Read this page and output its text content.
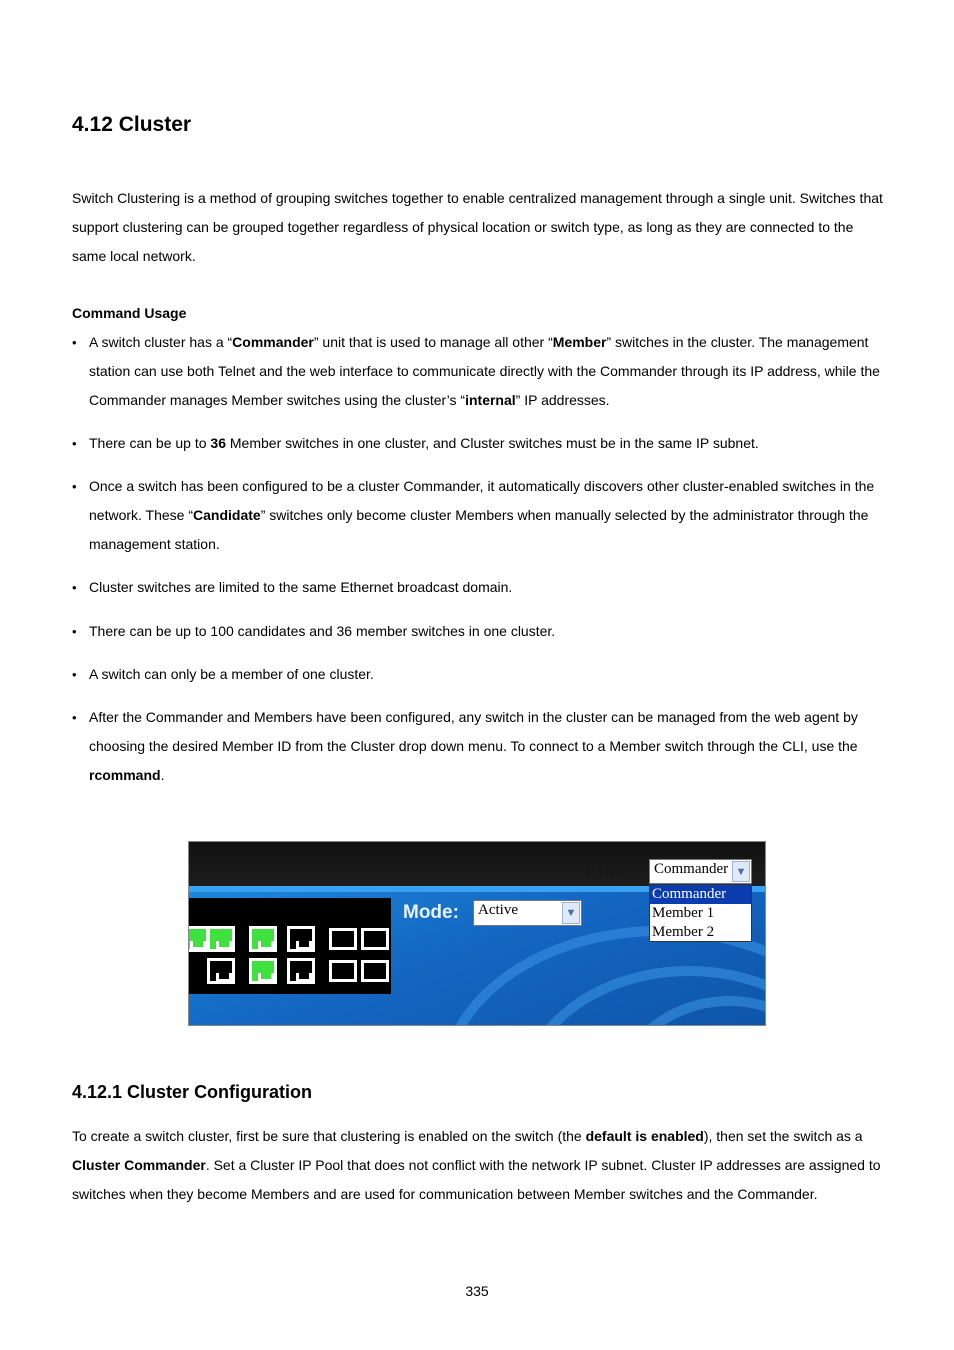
4.12 Cluster

Switch Clustering is a method of grouping switches together to enable centralized management through a single unit. Switches that support clustering can be grouped together regardless of physical location or switch type, as long as they are connected to the same local network.

Command Usage

• A switch cluster has a “Commander” unit that is used to manage all other “Member” switches in the cluster. The management station can use both Telnet and the web interface to communicate directly with the Commander through its IP address, while the Commander manages Member switches using the cluster’s “internal” IP addresses.
• There can be up to 36 Member switches in one cluster, and Cluster switches must be in the same IP subnet.
• Once a switch has been configured to be a cluster Commander, it automatically discovers other cluster-enabled switches in the network. These “Candidate” switches only become cluster Members when manually selected by the administrator through the management station.
• Cluster switches are limited to the same Ethernet broadcast domain.
• There can be up to 100 candidates and 36 member switches in one cluster.
• A switch can only be a member of one cluster.
• After the Commander and Members have been configured, any switch in the cluster can be managed from the web agent by choosing the desired Member ID from the Cluster drop down menu. To connect to a Member switch through the CLI, use the rcommand.
4.12.1 Cluster Configuration

To create a switch cluster, first be sure that clustering is enabled on the switch (the default is enabled), then set the switch as a Cluster Commander. Set a Cluster IP Pool that does not conflict with the network IP subnet. Cluster IP addresses are assigned to switches when they become Members and are used for communication between Member switches and the Commander.

Cluster: Commander ▼
Commander
Member 1
Member 2
Mode: Active	▼
335
